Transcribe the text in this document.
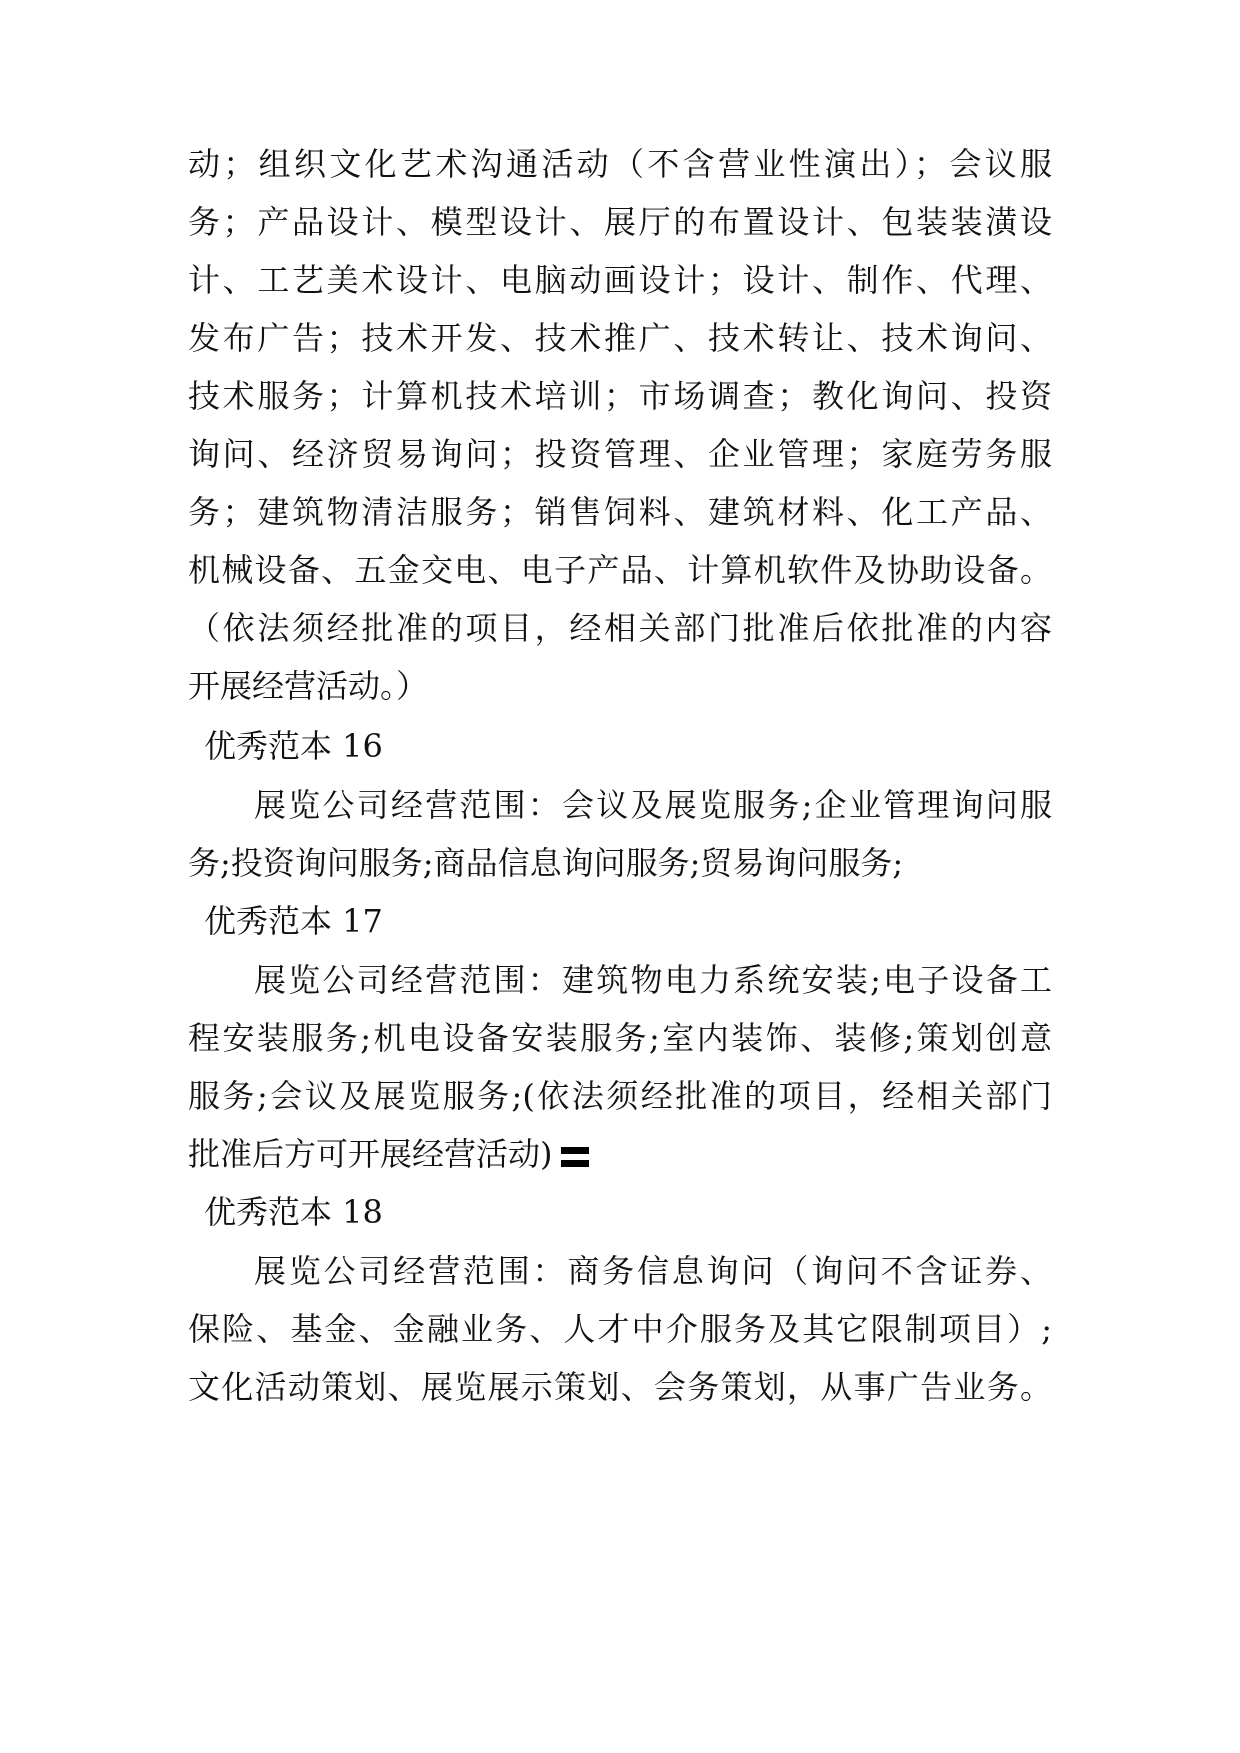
动；组织文化艺术沟通活动（不含营业性演出）；会议服
务；产品设计、模型设计、展厅的布置设计、包装装潢设
计、工艺美术设计、电脑动画设计；设计、制作、代理、
发布广告；技术开发、技术推广、技术转让、技术询问、
技术服务；计算机技术培训；市场调查；教化询问、投资
询问、经济贸易询问；投资管理、企业管理；家庭劳务服
务；建筑物清洁服务；销售饲料、建筑材料、化工产品、
机械设备、五金交电、电子产品、计算机软件及协助设备。
（依法须经批准的项目，经相关部门批准后依批准的内容
开展经营活动。）
优秀范本 16
展览公司经营范围：会议及展览服务;企业管理询问服
务;投资询问服务;商品信息询问服务;贸易询问服务;
优秀范本 17
展览公司经营范围：建筑物电力系统安装;电子设备工
程安装服务;机电设备安装服务;室内装饰、装修;策划创意
服务;会议及展览服务;(依法须经批准的项目，经相关部门
批准后方可开展经营活动)
优秀范本 18
展览公司经营范围：商务信息询问（询问不含证券、
保险、基金、金融业务、人才中介服务及其它限制项目）;
文化活动策划、展览展示策划、会务策划，从事广告业务。
